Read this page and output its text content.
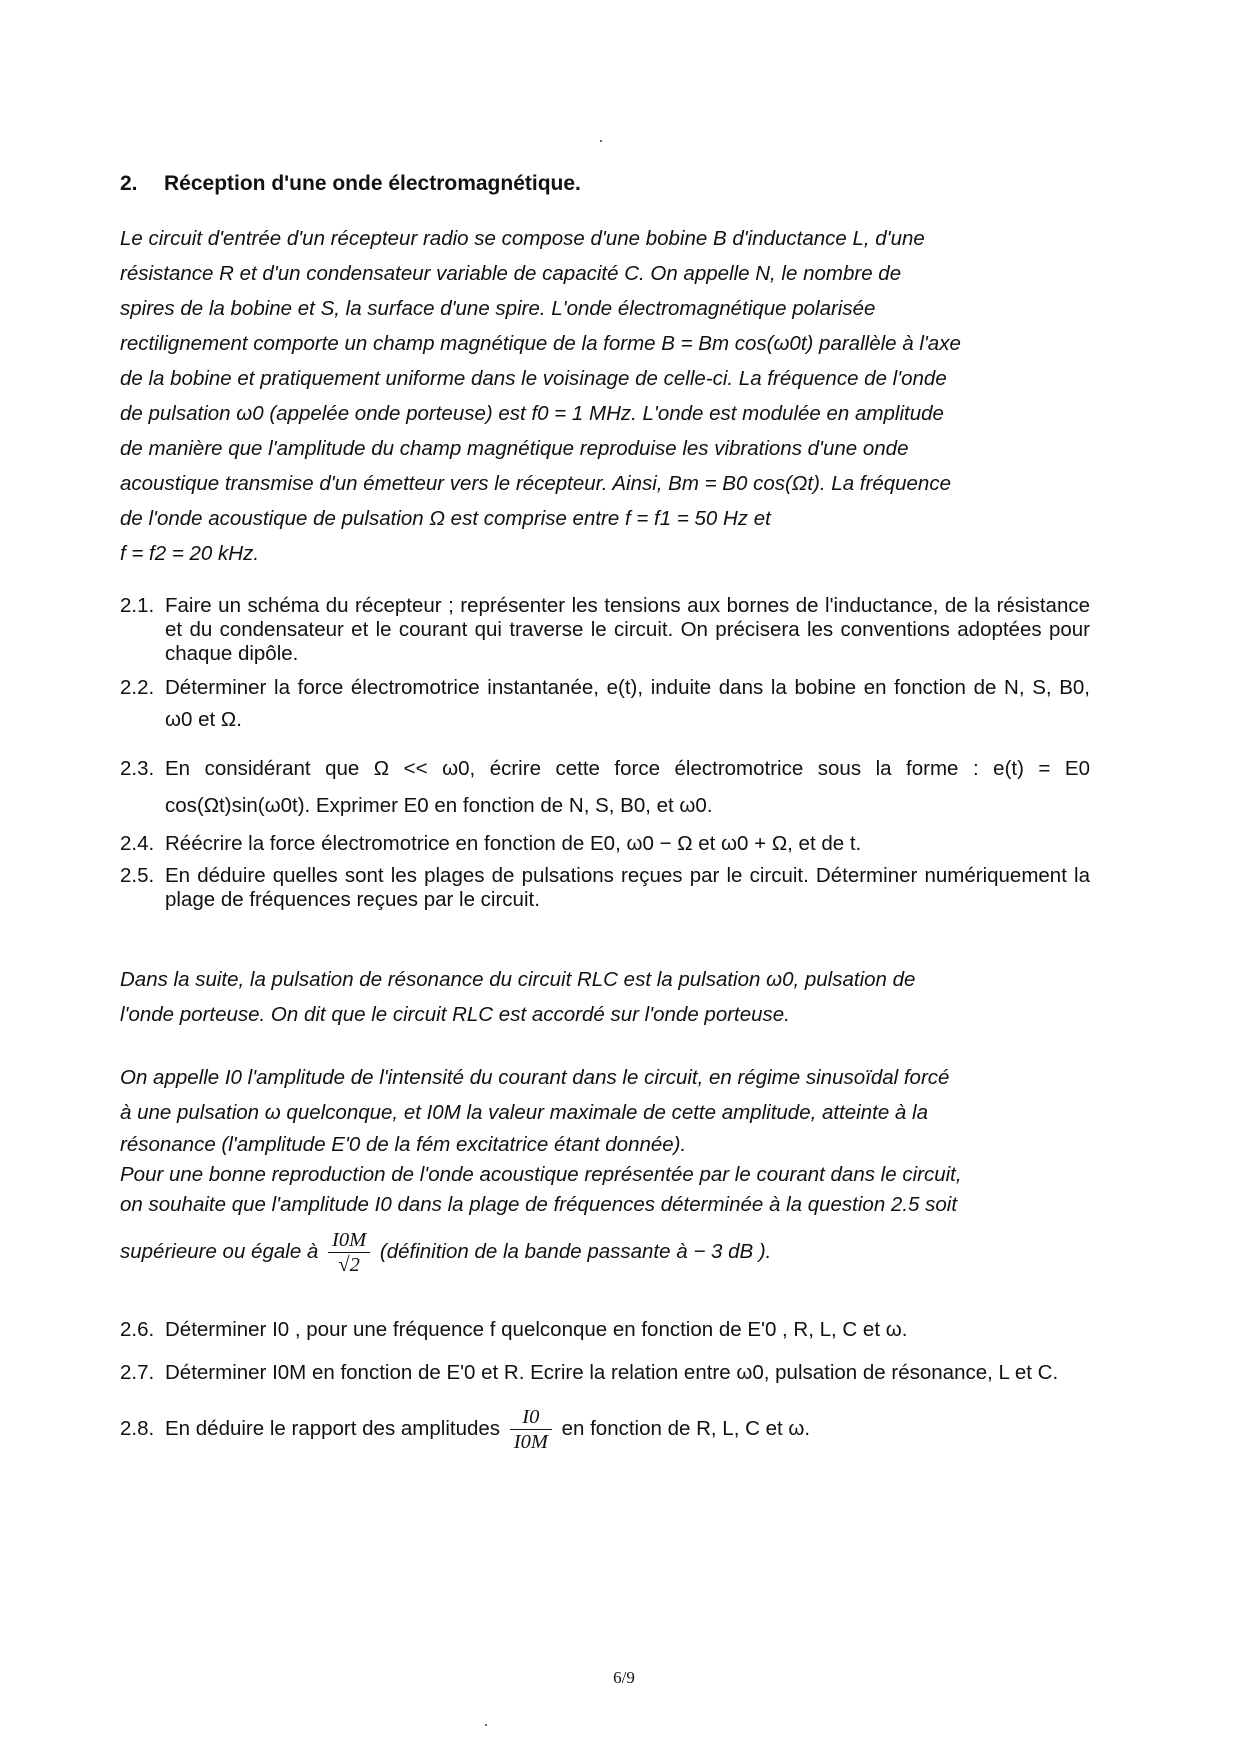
2. Réception d'une onde électromagnétique.
Le circuit d'entrée d'un récepteur radio se compose d'une bobine B d'inductance L, d'une
résistance R et d'un condensateur variable de capacité C. On appelle N, le nombre de
spires de la bobine et S, la surface d'une spire. L'onde électromagnétique polarisée
rectilignement comporte un champ magnétique de la forme B = Bm cos(ω0t) parallèle à l'axe
de la bobine et pratiquement uniforme dans le voisinage de celle-ci. La fréquence de l'onde
de pulsation ω0 (appelée onde porteuse) est f0 = 1 MHz. L'onde est modulée en amplitude
de manière que l'amplitude du champ magnétique reproduise les vibrations d'une onde
acoustique transmise d'un émetteur vers le récepteur. Ainsi, Bm = B0 cos(Ωt). La fréquence
de l'onde acoustique de pulsation Ω est comprise entre f = f1 = 50 Hz et
f = f2 = 20 kHz.
2.1. Faire un schéma du récepteur ; représenter les tensions aux bornes de l'inductance, de la résistance et du condensateur et le courant qui traverse le circuit. On précisera les conventions adoptées pour chaque dipôle.

2.2. Déterminer la force électromotrice instantanée, e(t), induite dans la bobine en fonction de N, S, B0, ω0 et Ω.

2.3. En considérant que Ω << ω0, écrire cette force électromotrice sous la forme : e(t) = E0 cos(Ωt)sin(ω0t). Exprimer E0 en fonction de N, S, B0, et ω0.

2.4. Réécrire la force électromotrice en fonction de E0, ω0 − Ω et ω0 + Ω, et de t.

2.5. En déduire quelles sont les plages de pulsations reçues par le circuit. Déterminer numériquement la plage de fréquences reçues par le circuit.

Dans la suite, la pulsation de résonance du circuit RLC est la pulsation ω0, pulsation de
l'onde porteuse. On dit que le circuit RLC est accordé sur l'onde porteuse.
On appelle I0 l'amplitude de l'intensité du courant dans le circuit, en régime sinusoïdal forcé
à une pulsation ω quelconque, et I0M la valeur maximale de cette amplitude, atteinte à la
résonance (l'amplitude E'0 de la fém excitatrice étant donnée).
Pour une bonne reproduction de l'onde acoustique représentée par le courant dans le circuit,
on souhaite que l'amplitude I0 dans la plage de fréquences déterminée à la question 2.5 soit
supérieure ou égale à $\frac{I0M}{√2}$ (définition de la bande passante à − 3 dB ).
2.6. Déterminer I0 , pour une fréquence f quelconque en fonction de E'0 , R, L, C et ω.

2.7. Déterminer I0M en fonction de E'0 et R. Ecrire la relation entre ω0, pulsation de résonance, L et C.

2.8. En déduire le rapport des amplitudes $\frac{I0}{I0M}$ en fonction de R, L, C et ω.

6/9
